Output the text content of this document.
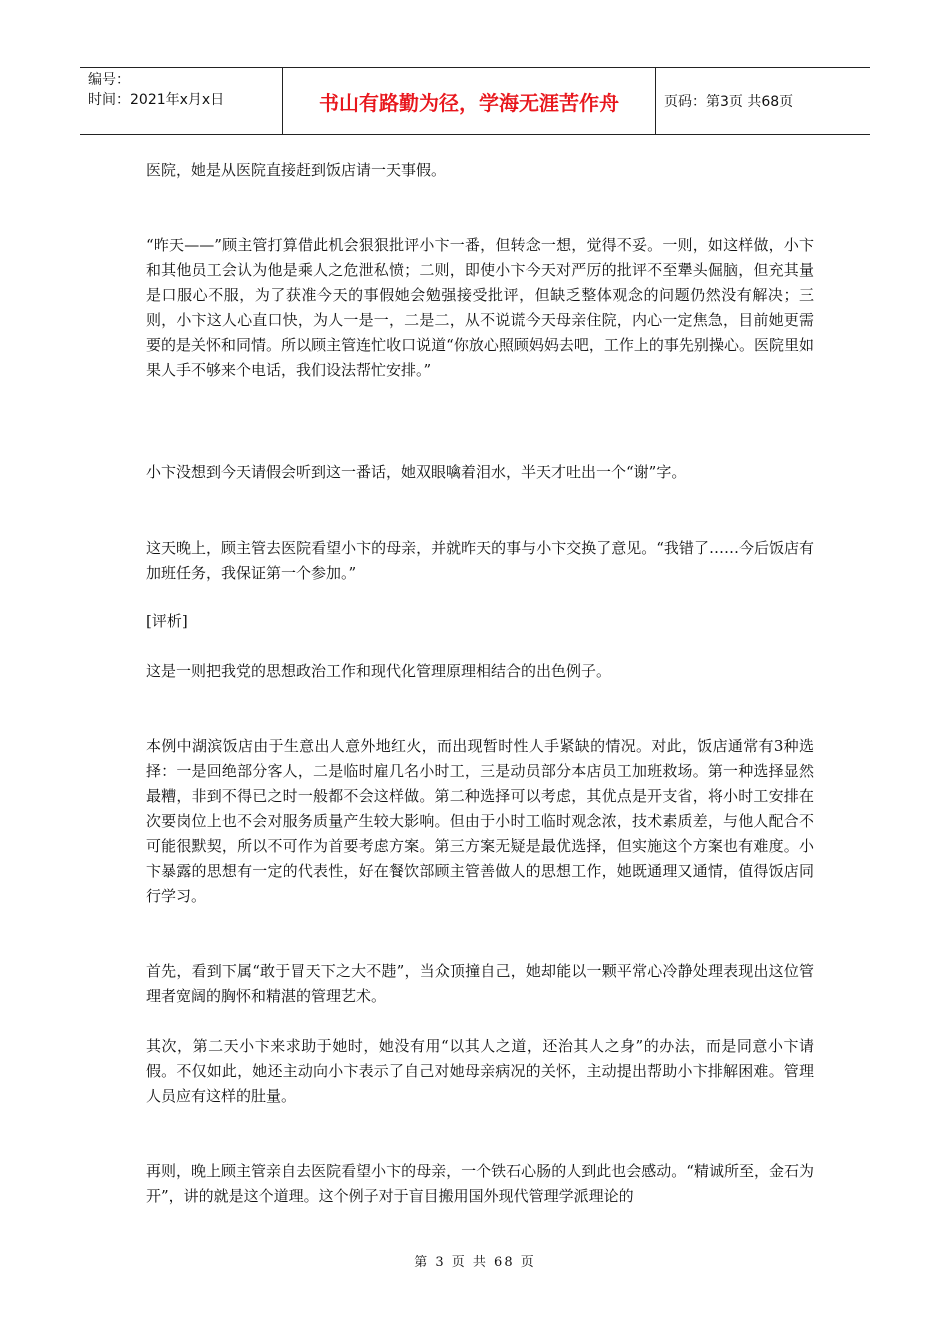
编号：
时间：2021年x月x日	书山有路勤为径，学海无涯苦作舟	页码：第3页 共68页

医院，她是从医院直接赶到饭店请一天事假。

“昨天——”顾主管打算借此机会狠狠批评小卞一番，但转念一想，觉得不妥。一则，如这样做，小卞和其他员工会认为他是乘人之危泄私愤；二则，即使小卞今天对严厉的批评不至犟头倔脑，但充其量是口服心不服，为了获准今天的事假她会勉强接受批评，但缺乏整体观念的问题仍然没有解决；三则，小卞这人心直口快，为人一是一，二是二，从不说谎今天母亲住院，内心一定焦急，目前她更需要的是关怀和同情。所以顾主管连忙收口说道“你放心照顾妈妈去吧，工作上的事先别操心。医院里如果人手不够来个电话，我们设法帮忙安排。”

小卞没想到今天请假会听到这一番话，她双眼噙着泪水，半天才吐出一个“谢”字。

这天晚上，顾主管去医院看望小卞的母亲，并就昨天的事与小卞交换了意见。“我错了……今后饭店有加班任务，我保证第一个参加。”

[评析]

这是一则把我党的思想政治工作和现代化管理原理相结合的出色例子。

本例中湖滨饭店由于生意出人意外地红火，而出现暂时性人手紧缺的情况。对此，饭店通常有3种选择：一是回绝部分客人，二是临时雇几名小时工，三是动员部分本店员工加班救场。第一种选择显然最糟，非到不得已之时一般都不会这样做。第二种选择可以考虑，其优点是开支省，将小时工安排在次要岗位上也不会对服务质量产生较大影响。但由于小时工临时观念浓，技术素质差，与他人配合不可能很默契，所以不可作为首要考虑方案。第三方案无疑是最优选择，但实施这个方案也有难度。小卞暴露的思想有一定的代表性，好在餐饮部顾主管善做人的思想工作，她既通理又通情，值得饭店同行学习。

首先，看到下属“敢于冒天下之大不韪”，当众顶撞自己，她却能以一颗平常心冷静处理表现出这位管理者宽阔的胸怀和精湛的管理艺术。

其次，第二天小卞来求助于她时，她没有用“以其人之道，还治其人之身”的办法，而是同意小卞请假。不仅如此，她还主动向小卞表示了自己对她母亲病况的关怀，主动提出帮助小卞排解困难。管理人员应有这样的肚量。

再则，晚上顾主管亲自去医院看望小卞的母亲，一个铁石心肠的人到此也会感动。“精诚所至，金石为开”，讲的就是这个道理。这个例子对于盲目搬用国外现代管理学派理论的

第 3 页 共 68 页
